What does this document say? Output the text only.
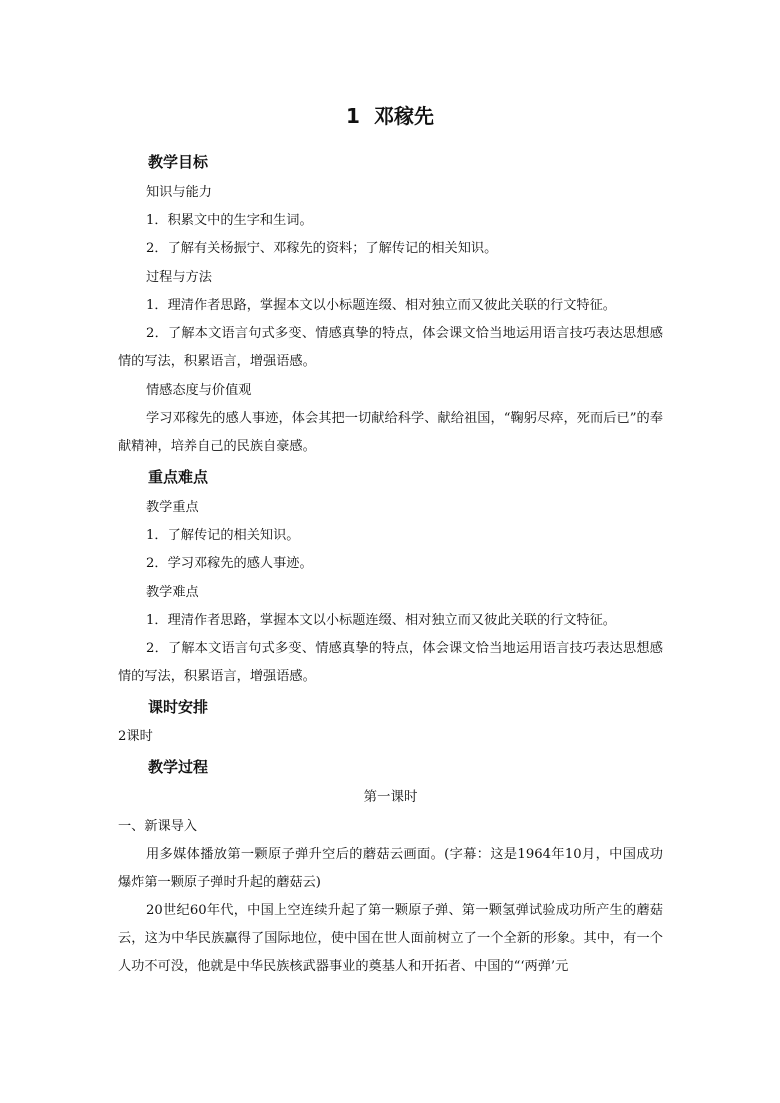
1 邓稼先
教学目标
知识与能力
1．积累文中的生字和生词。
2．了解有关杨振宁、邓稼先的资料；了解传记的相关知识。
过程与方法
1．理清作者思路，掌握本文以小标题连缀、相对独立而又彼此关联的行文特征。
2．了解本文语言句式多变、情感真挚的特点，体会课文恰当地运用语言技巧表达思想感情的写法，积累语言，增强语感。
情感态度与价值观
学习邓稼先的感人事迹，体会其把一切献给科学、献给祖国，“鞠躬尽瘁，死而后已”的奉献精神，培养自己的民族自豪感。
重点难点
教学重点
1．了解传记的相关知识。
2．学习邓稼先的感人事迹。
教学难点
1．理清作者思路，掌握本文以小标题连缀、相对独立而又彼此关联的行文特征。
2．了解本文语言句式多变、情感真挚的特点，体会课文恰当地运用语言技巧表达思想感情的写法，积累语言，增强语感。
课时安排
2课时
教学过程
第一课时
一、新课导入
用多媒体播放第一颗原子弹升空后的蘑菇云画面。(字幕：这是1964年10月，中国成功爆炸第一颗原子弹时升起的蘑菇云)
20世纪60年代，中国上空连续升起了第一颗原子弹、第一颗氢弹试验成功所产生的蘑菇云，这为中华民族赢得了国际地位，使中国在世人面前树立了一个全新的形象。其中，有一个人功不可没，他就是中华民族核武器事业的奠基人和开拓者、中国的“‘两弹’元
